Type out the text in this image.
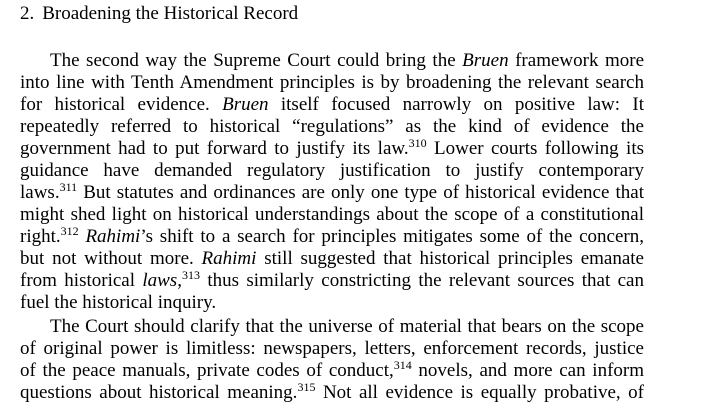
2. Broadening the Historical Record
The second way the Supreme Court could bring the Bruen framework more
into line with Tenth Amendment principles is by broadening the relevant search
for historical evidence. Bruen itself focused narrowly on positive law: It
repeatedly referred to historical “regulations” as the kind of evidence the
government had to put forward to justify its law.$^{310}$ Lower courts following its
guidance have demanded regulatory justification to justify contemporary
laws.$^{311}$ But statutes and ordinances are only one type of historical evidence that
might shed light on historical understandings about the scope of a constitutional
right.$^{312}$ Rahimi’s shift to a search for principles mitigates some of the concern,
but not without more. Rahimi still suggested that historical principles emanate
from historical laws,$^{313}$ thus similarly constricting the relevant sources that can
fuel the historical inquiry.
The Court should clarify that the universe of material that bears on the scope
of original power is limitless: newspapers, letters, enforcement records, justice
of the peace manuals, private codes of conduct,$^{314}$ novels, and more can inform
questions about historical meaning.$^{315}$ Not all evidence is equally probative, of
